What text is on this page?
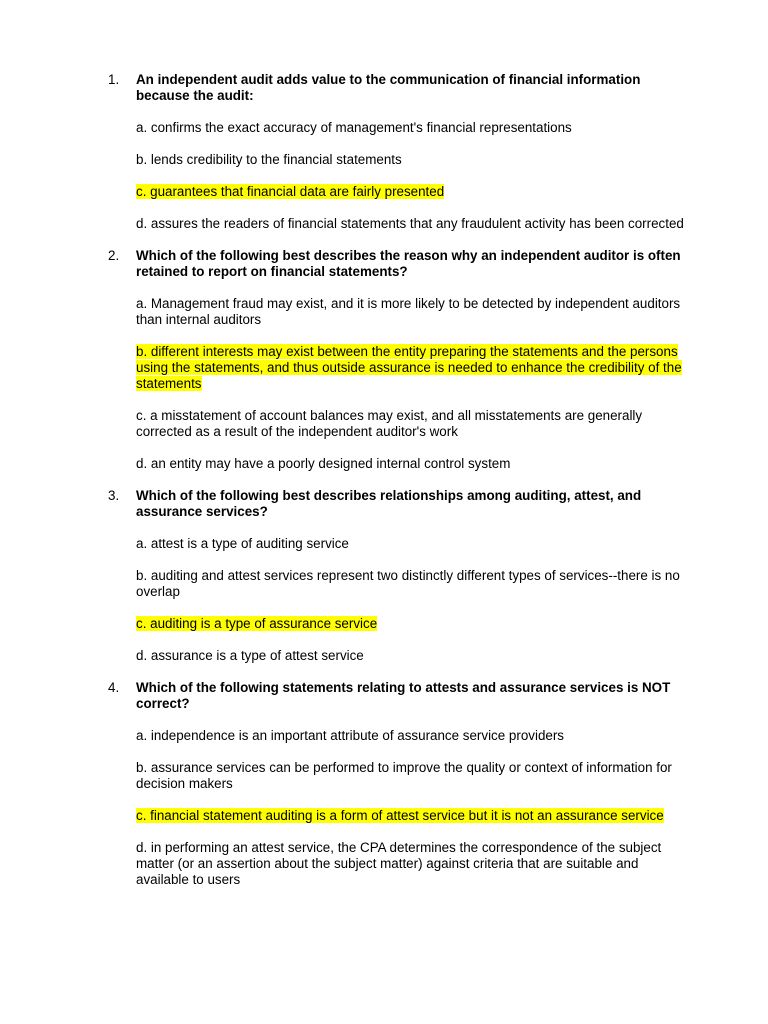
1.	An independent audit adds value to the communication of financial information because the audit:

a. confirms the exact accuracy of management's financial representations

b. lends credibility to the financial statements

c. guarantees that financial data are fairly presented

d. assures the readers of financial statements that any fraudulent activity has been corrected

2.	Which of the following best describes the reason why an independent auditor is often retained to report on financial statements?

a. Management fraud may exist, and it is more likely to be detected by independent auditors than internal auditors

b. different interests may exist between the entity preparing the statements and the persons using the statements, and thus outside assurance is needed to enhance the credibility of the statements

c. a misstatement of account balances may exist, and all misstatements are generally corrected as a result of the independent auditor's work

d. an entity may have a poorly designed internal control system

3.	Which of the following best describes relationships among auditing, attest, and assurance services?

a. attest is a type of auditing service

b. auditing and attest services represent two distinctly different types of services--there is no overlap

c. auditing is a type of assurance service

d. assurance is a type of attest service

4.	Which of the following statements relating to attests and assurance services is NOT correct?

a. independence is an important attribute of assurance service providers

b. assurance services can be performed to improve the quality or context of information for decision makers

c. financial statement auditing is a form of attest service but it is not an assurance service

d. in performing an attest service, the CPA determines the correspondence of the subject matter (or an assertion about the subject matter) against criteria that are suitable and available to users
